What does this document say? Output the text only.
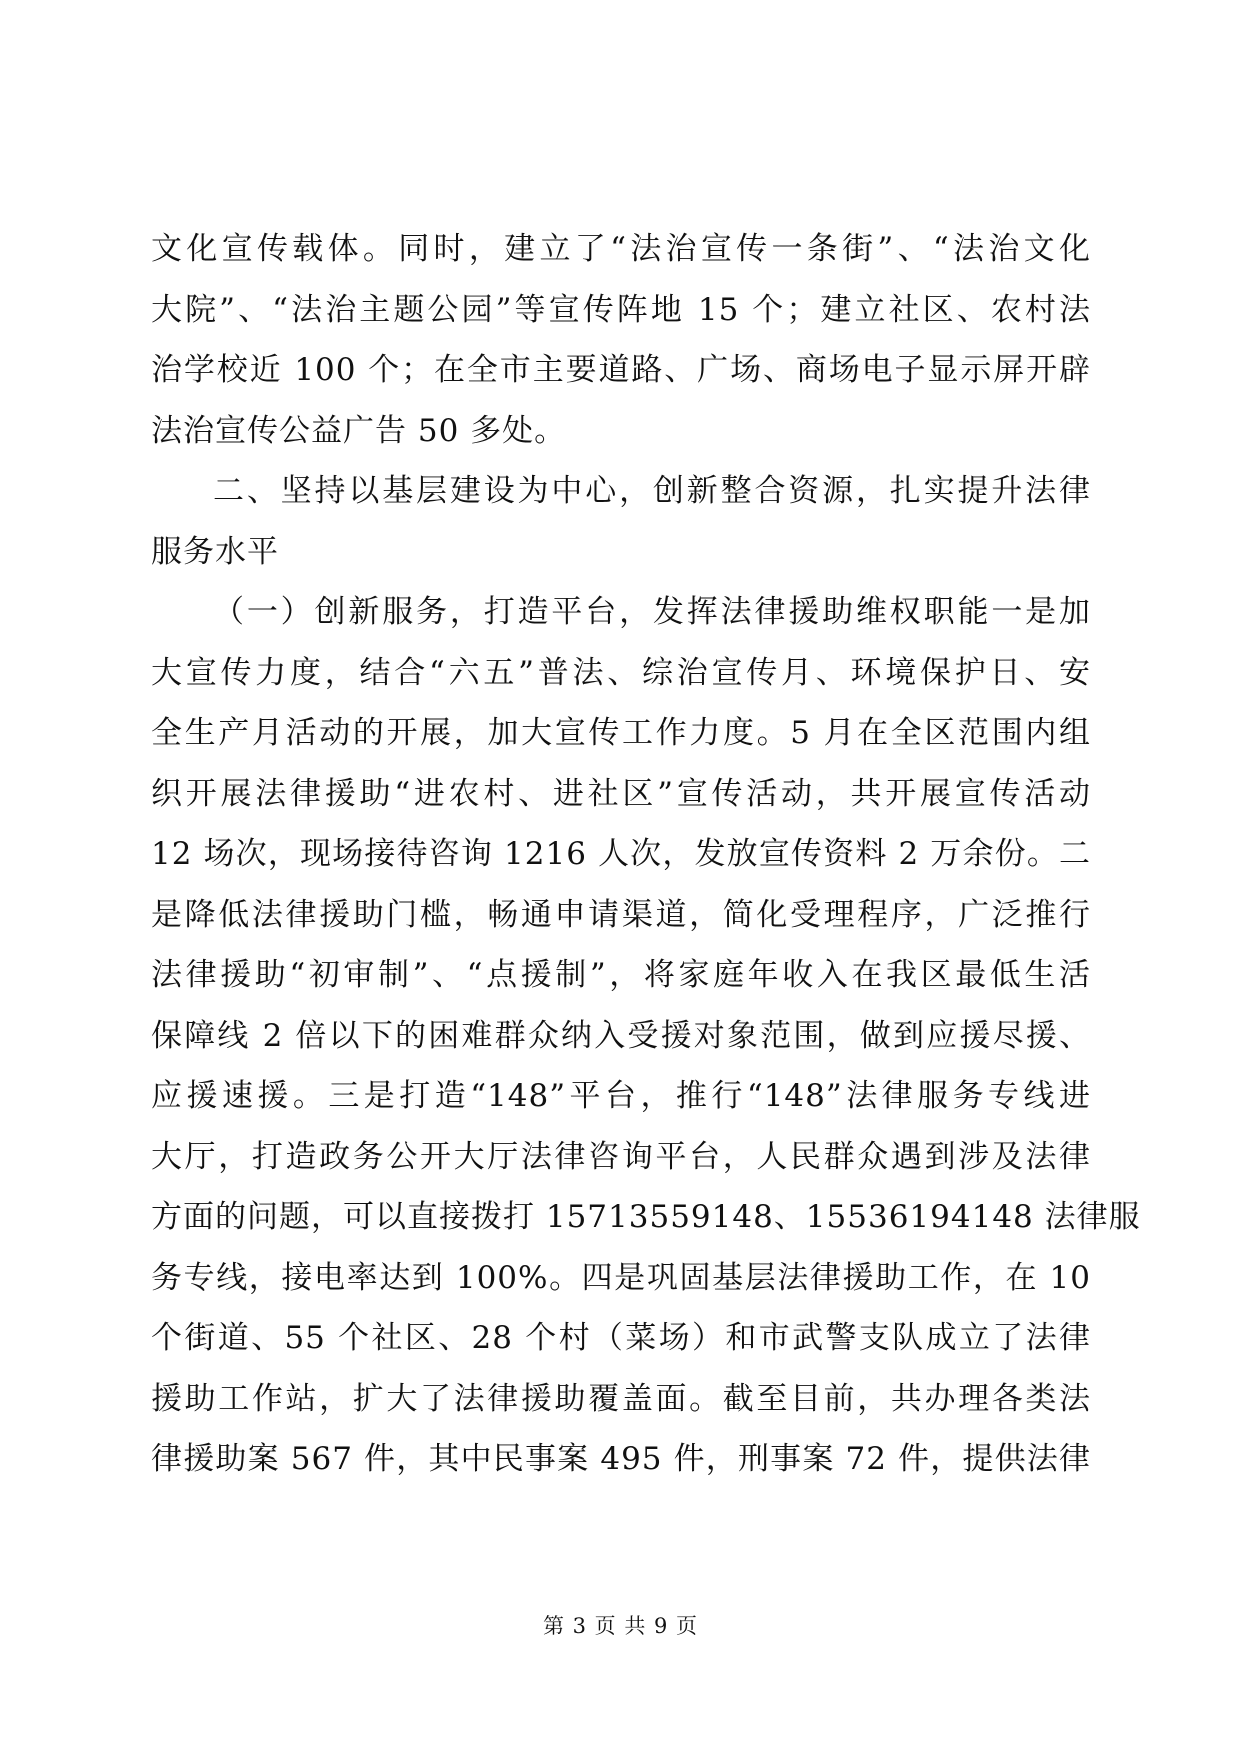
文化宣传载体。同时，建立了“法治宣传一条街”、“法治文化
大院”、“法治主题公园”等宣传阵地 15 个；建立社区、农村法
治学校近 100 个；在全市主要道路、广场、商场电子显示屏开辟
法治宣传公益广告 50 多处。
二、坚持以基层建设为中心，创新整合资源，扎实提升法律
服务水平
（一）创新服务，打造平台，发挥法律援助维权职能一是加
大宣传力度，结合“六五”普法、综治宣传月、环境保护日、安
全生产月活动的开展，加大宣传工作力度。5 月在全区范围内组
织开展法律援助“进农村、进社区”宣传活动，共开展宣传活动
12 场次，现场接待咨询 1216 人次，发放宣传资料 2 万余份。二
是降低法律援助门槛，畅通申请渠道，简化受理程序，广泛推行
法律援助“初审制”、“点援制”，将家庭年收入在我区最低生活
保障线 2 倍以下的困难群众纳入受援对象范围，做到应援尽援、
应援速援。三是打造“148”平台，推行“148”法律服务专线进
大厅，打造政务公开大厅法律咨询平台，人民群众遇到涉及法律
方面的问题，可以直接拨打 15713559148、15536194148 法律服
务专线，接电率达到 100%。四是巩固基层法律援助工作，在 10
个街道、55 个社区、28 个村（菜场）和市武警支队成立了法律
援助工作站，扩大了法律援助覆盖面。截至目前，共办理各类法
律援助案 567 件，其中民事案 495 件，刑事案 72 件，提供法律
第 3 页 共 9 页
